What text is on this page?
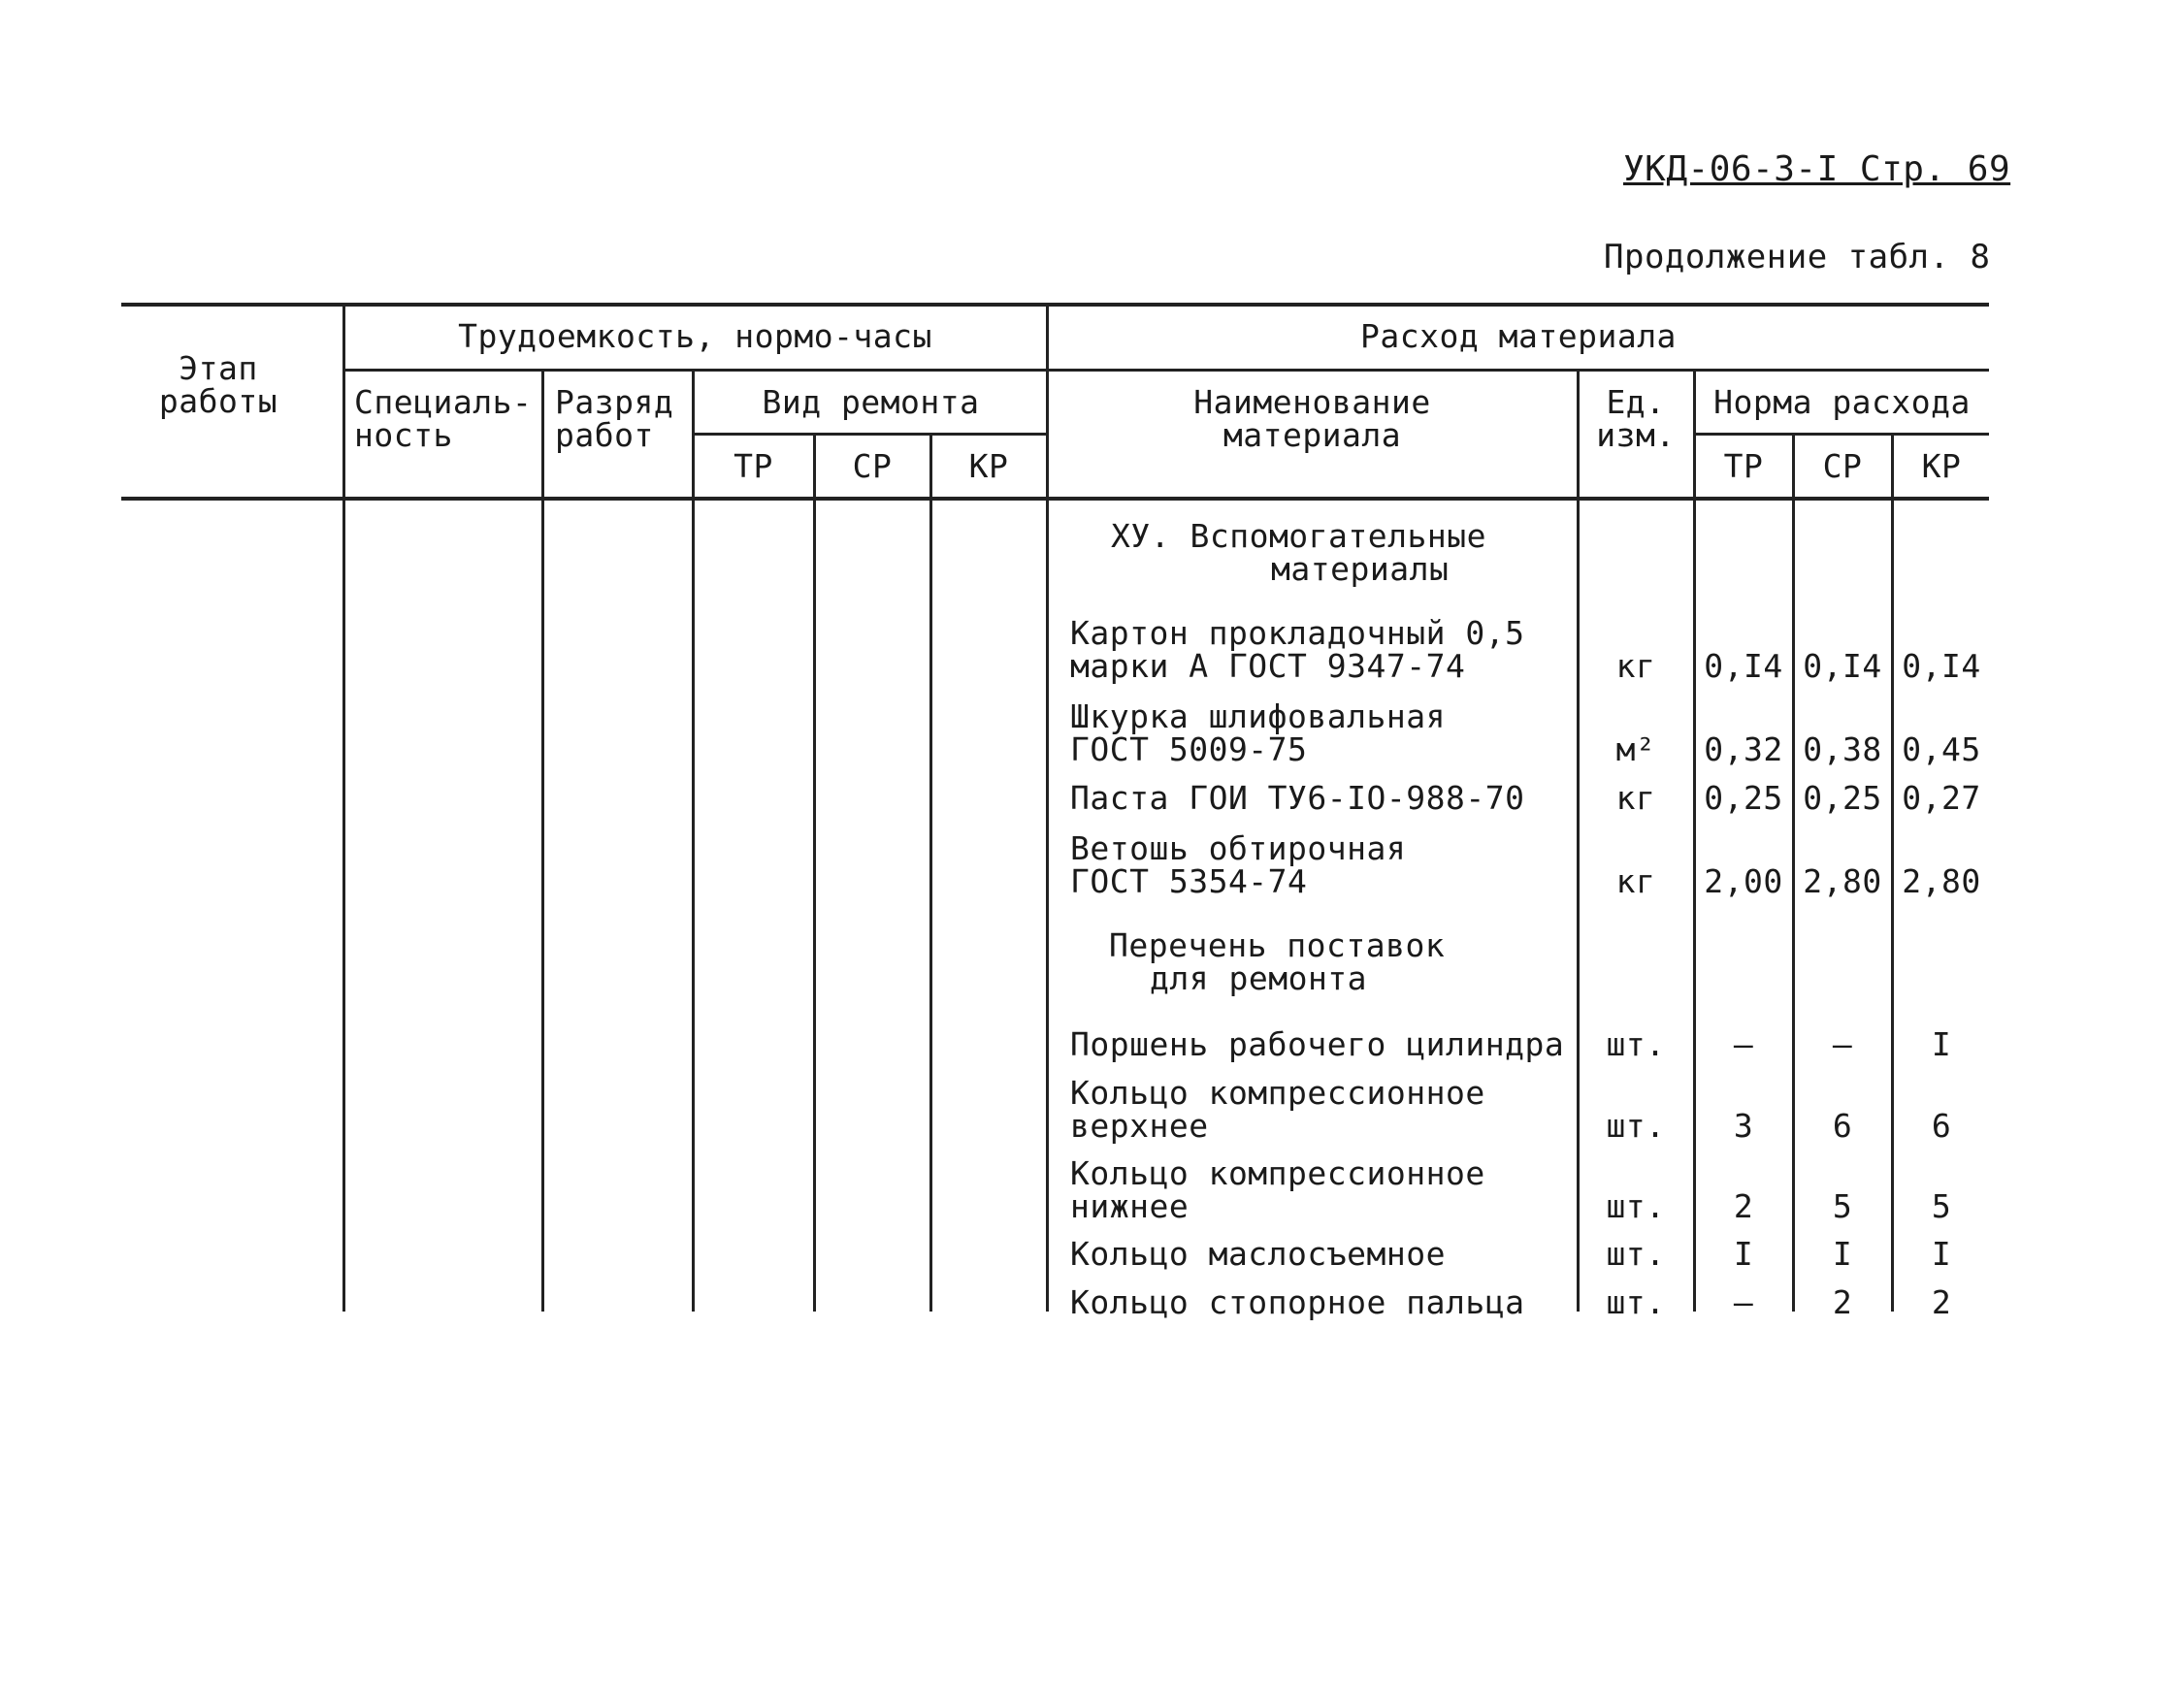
УКД-06-3-I Стр. 69
Продолжение табл. 8
Этап
работы
Трудоемкость, нормо-часы
Специаль-
ность
Разряд
работ
Вид ремонта
ТР	СР	КР
Расход материала
Наименование
материала
Ед.
изм.
Норма расхода
ТР	СР	КР
ХУ. Вспомогательные
материалы
Картон прокладочный 0,5
марки А ГОСТ 9347-74	кг	0,I4 0,I4 0,I4
Шкурка шлифовальная
ГОСТ 5009-75	м²	0,32 0,38 0,45
Паста ГОИ ТУ6-IO-988-70	кг	0,25 0,25 0,27
Ветошь обтирочная
ГОСТ 5354-74	кг	2,00 2,80 2,80
Перечень поставок
для ремонта
Поршень рабочего цилиндра	шт.	–	–	I
Кольцо компрессионное
верхнее	шт.	3	6	6
Кольцо компрессионное
нижнее	шт.	2	5	5
Кольцо маслосъемное	шт.	I	I	I
Кольцо стопорное пальца	шт.	–	2	2
